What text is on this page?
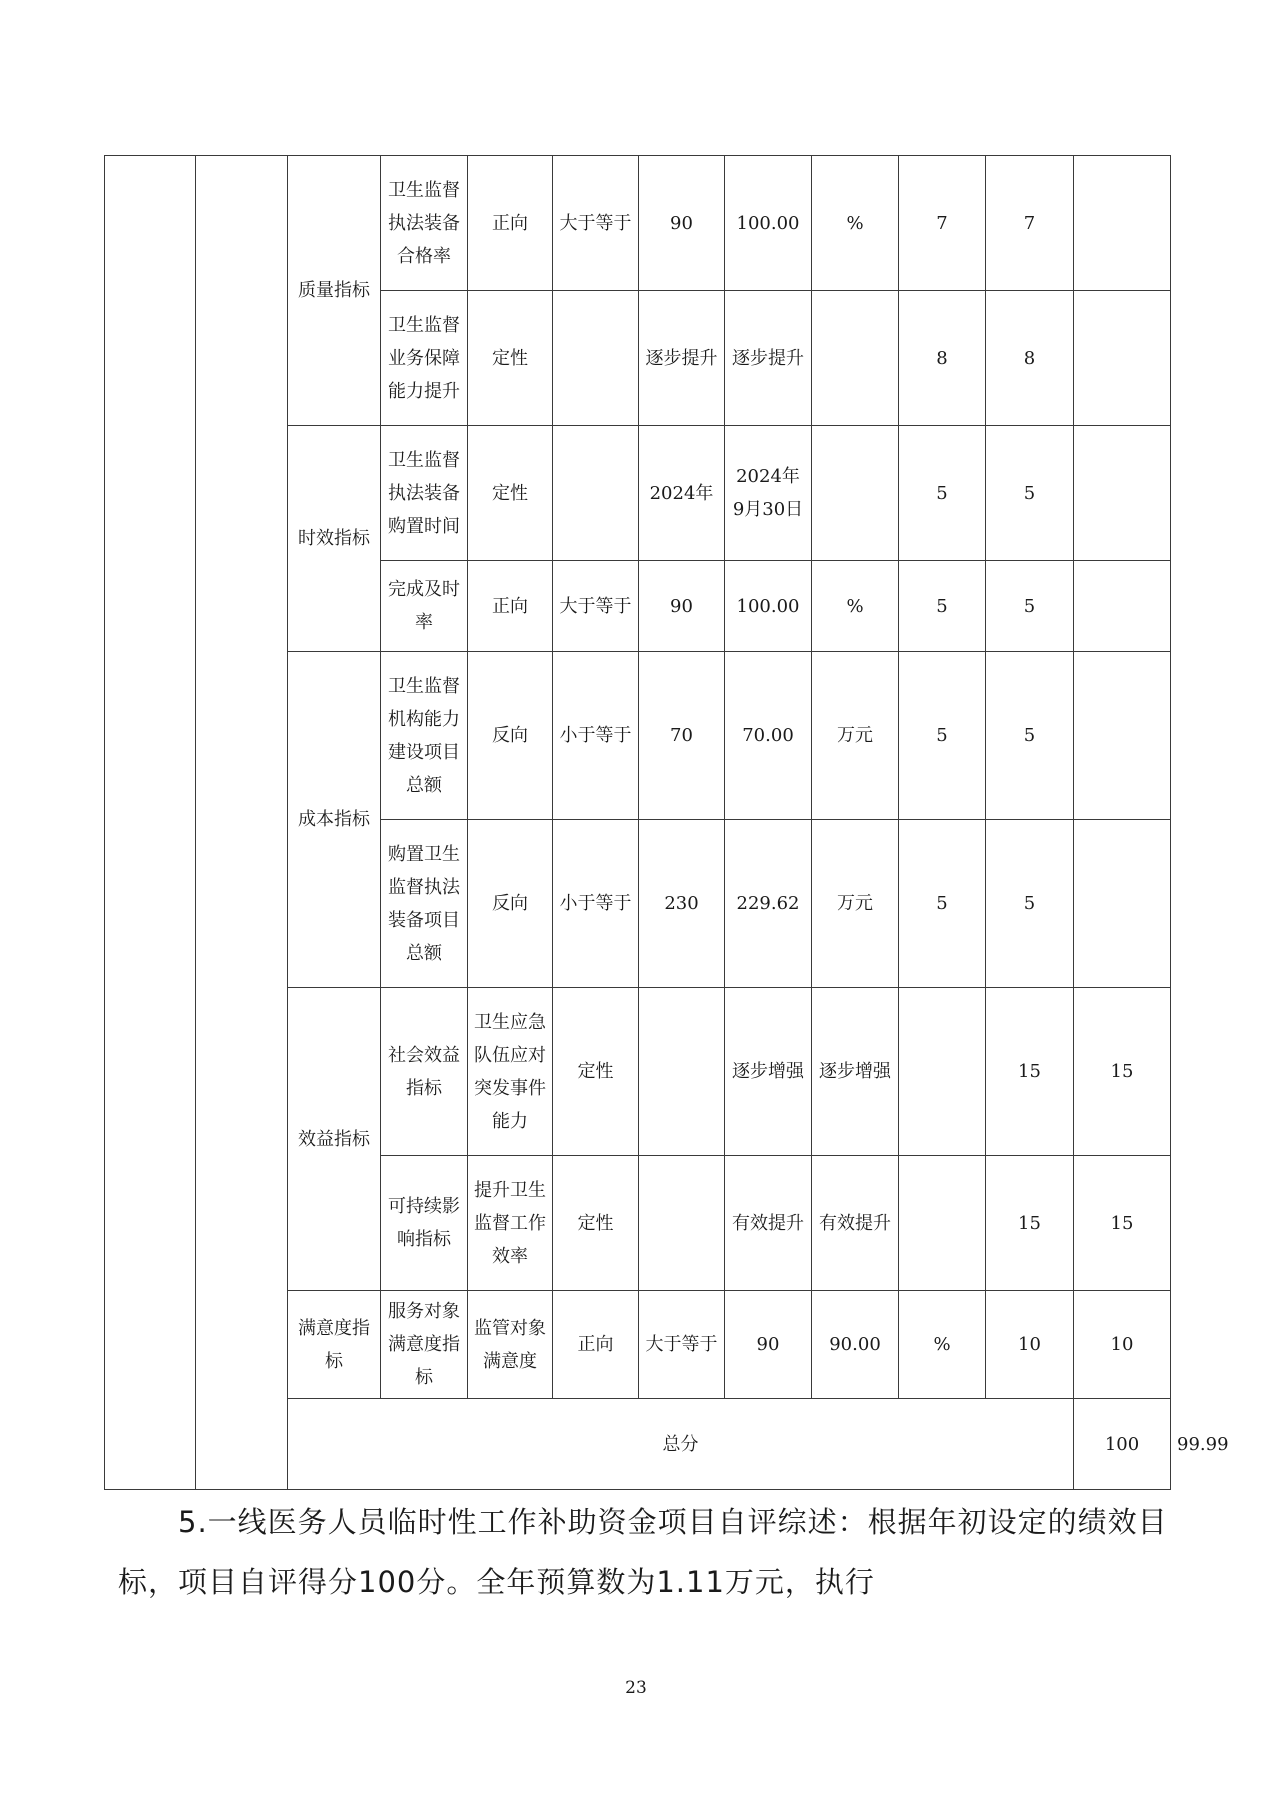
		质量指标	卫生监督执法装备合格率	正向	大于等于	90	100.00	%	7	7		
			卫生监督业务保障能力提升	定性		逐步提升	逐步提升		8	8		
		时效指标	卫生监督执法装备购置时间	定性		2024年	2024年9月30日		5	5		
			完成及时率	正向	大于等于	90	100.00	%	5	5		
		成本指标	卫生监督机构能力建设项目总额	反向	小于等于	70	70.00	万元	5	5		
			购置卫生监督执法装备项目总额	反向	小于等于	230	229.62	万元	5	5		
		效益指标	社会效益指标	卫生应急队伍应对突发事件能力	定性		逐步增强	逐步增强		15	15	
			可持续影响指标	提升卫生监督工作效率	定性		有效提升	有效提升		15	15	
		满意度指标	服务对象满意度指标	监管对象满意度	正向	大于等于	90	90.00	%	10	10	
		总分									100	99.99	
5.一线医务人员临时性工作补助资金项目自评综述：根据年初设定的绩效目标，项目自评得分100分。全年预算数为1.11万元，执行
23
